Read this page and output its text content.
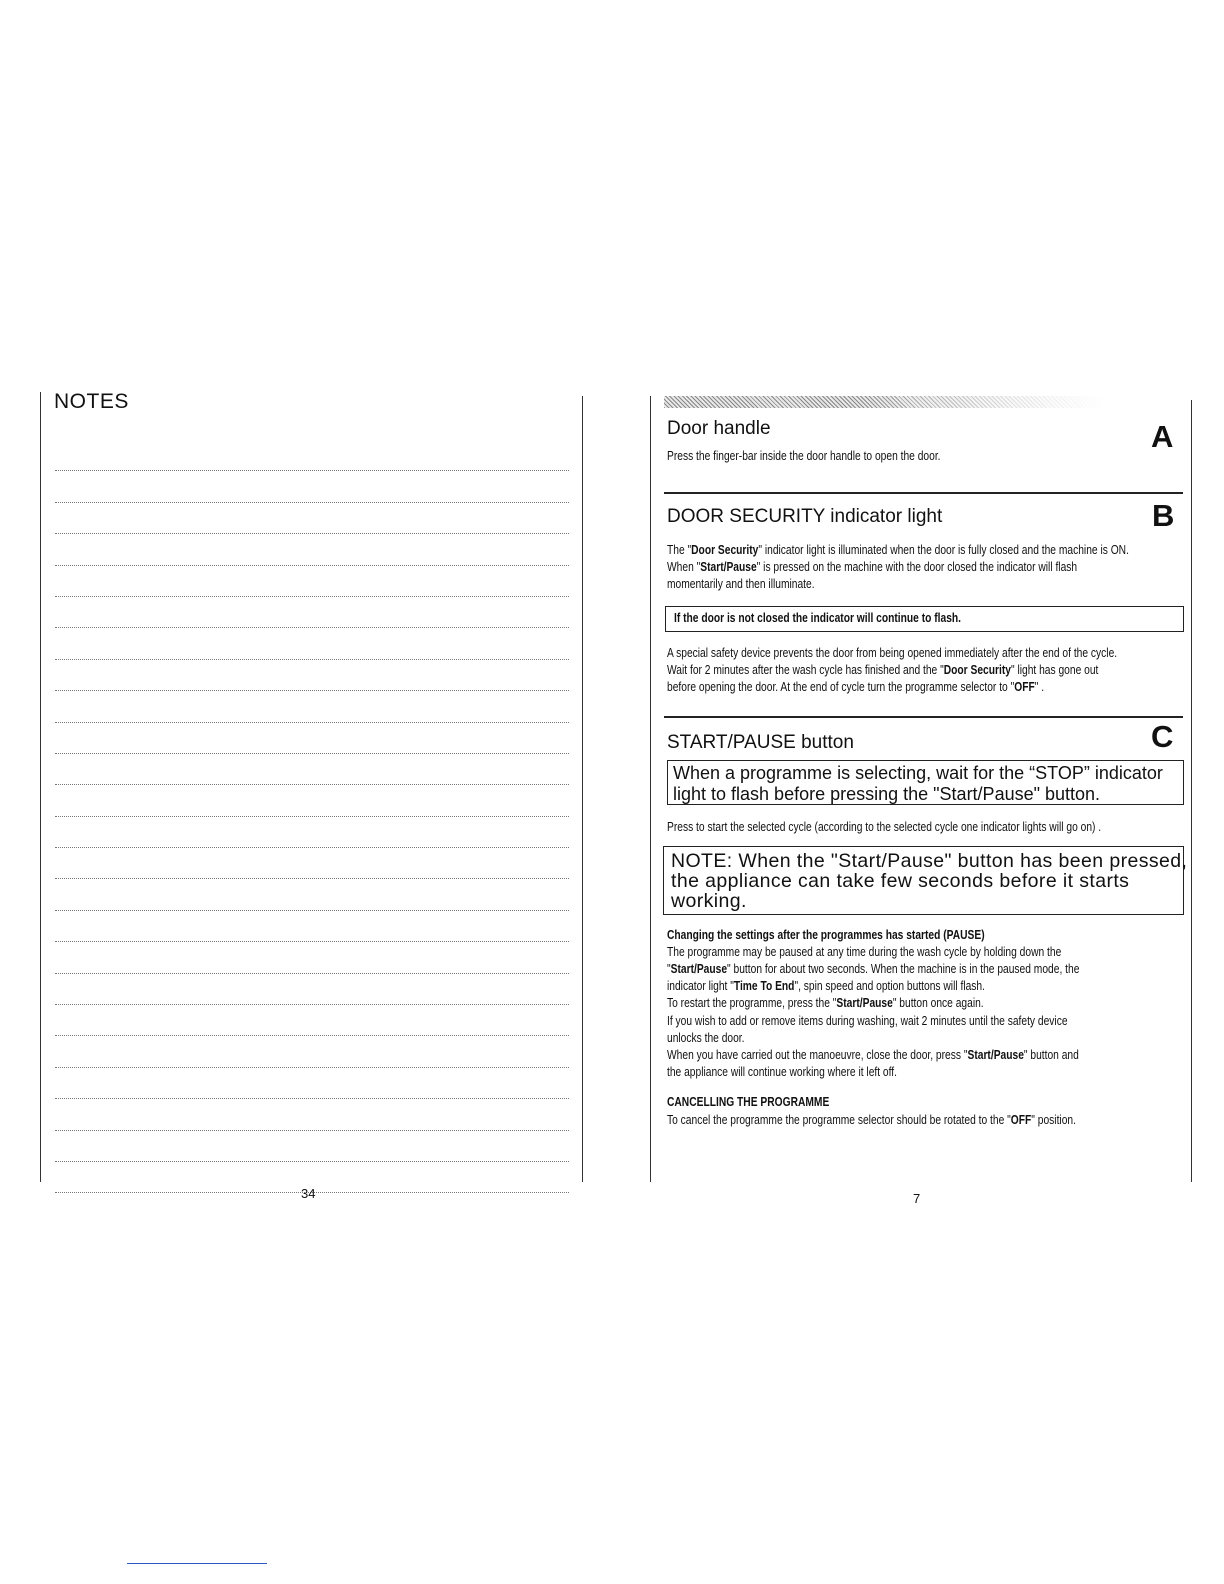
NOTES
34
Door handle	A
Press the finger-bar inside the door handle to open the door.
DOOR SECURITY indicator light	B
The "Door Security" indicator light is illuminated when the door is fully closed and the machine is ON.
When "Start/Pause" is pressed on the machine with the door closed the indicator will flash
momentarily and then illuminate.
If the door is not closed the indicator will continue to flash.
A special safety device prevents the door from being opened immediately after the end of the cycle.
Wait for 2 minutes after the wash cycle has finished and the "Door Security" light has gone out
before opening the door. At the end of cycle turn the programme selector to "OFF" .
START/PAUSE button	C
When a programme is selecting, wait for the “STOP” indicator
light to flash before pressing the "Start/Pause" button.
Press to start the selected cycle (according to the selected cycle one indicator lights will go on) .
NOTE: When the "Start/Pause" button has been pressed,
the appliance can take few seconds before it starts
working.
Changing the settings after the programmes has started (PAUSE)
The programme may be paused at any time during the wash cycle by holding down the
"Start/Pause" button for about two seconds. When the machine is in the paused mode, the
indicator light "Time To End", spin speed and option buttons will flash.
To restart the programme, press the "Start/Pause" button once again.
If you wish to add or remove items during washing, wait 2 minutes until the safety device
unlocks the door.
When you have carried out the manoeuvre, close the door, press "Start/Pause" button and
the appliance will continue working where it left off.
CANCELLING THE PROGRAMME
To cancel the programme the programme selector should be rotated to the "OFF" position.
7
